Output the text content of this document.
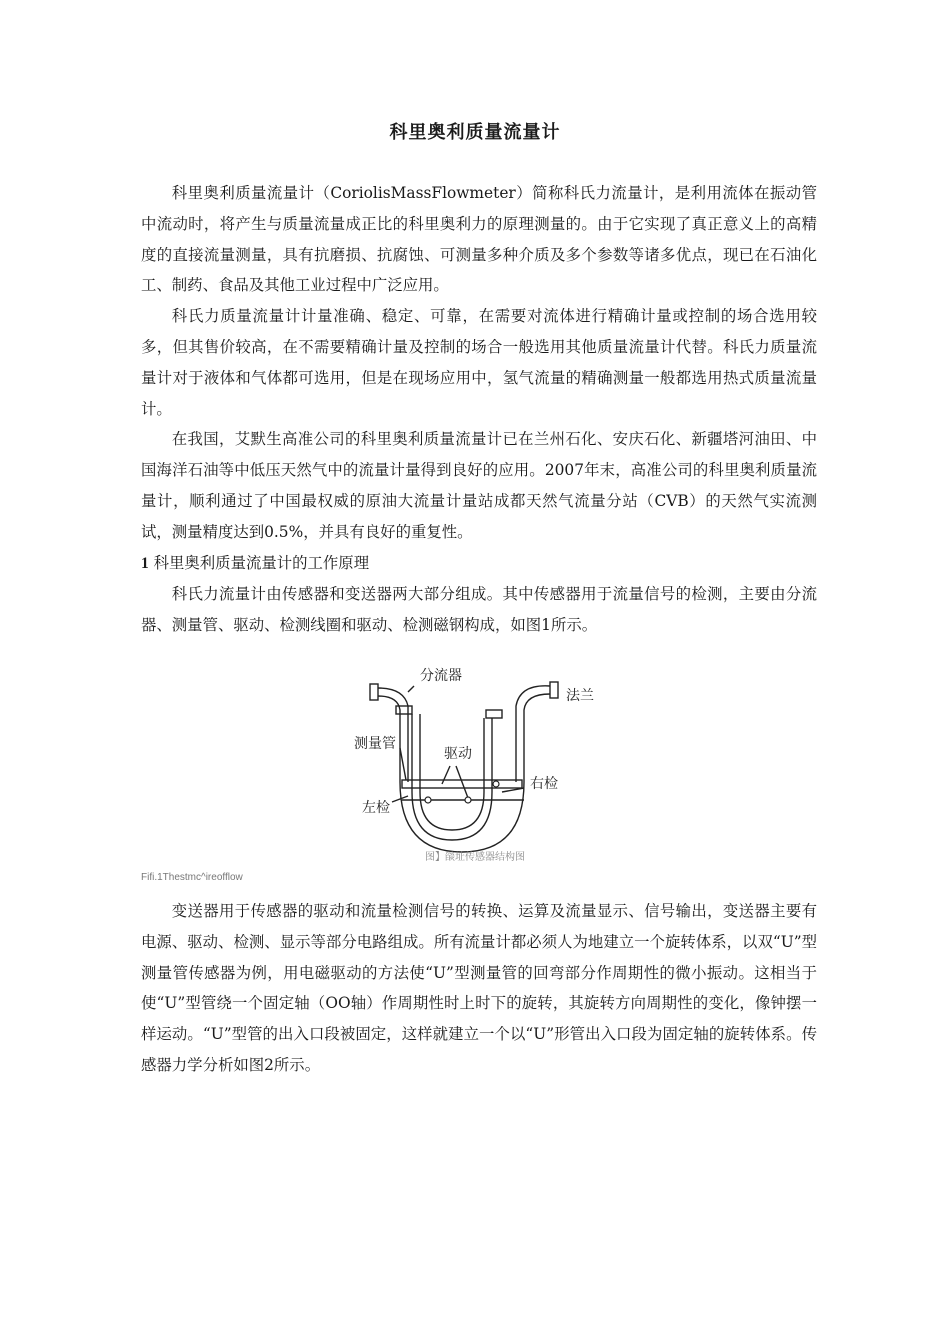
科里奥利质量流量计

科里奥利质量流量计（CoriolisMassFlowmeter）简称科氏力流量计，是利用流体在振动管中流动时，将产生与质量流量成正比的科里奥利力的原理测量的。由于它实现了真正意义上的高精度的直接流量测量，具有抗磨损、抗腐蚀、可测量多种介质及多个参数等诸多优点，现已在石油化工、制药、食品及其他工业过程中广泛应用。

科氏力质量流量计计量准确、稳定、可靠，在需要对流体进行精确计量或控制的场合选用较多，但其售价较高，在不需要精确计量及控制的场合一般选用其他质量流量计代替。科氏力质量流量计对于液体和气体都可选用，但是在现场应用中，氢气流量的精确测量一般都选用热式质量流量计。

在我国，艾默生高准公司的科里奥利质量流量计已在兰州石化、安庆石化、新疆塔河油田、中国海洋石油等中低压天然气中的流量计量得到良好的应用。2007年末，高准公司的科里奥利质量流量计，顺利通过了中国最权威的原油大流量计量站成都天然气流量分站（CVB）的天然气实流测试，测量精度达到0.5%，并具有良好的重复性。

1 科里奥利质量流量计的工作原理

科氏力流量计由传感器和变送器两大部分组成。其中传感器用于流量信号的检测，主要由分流器、测量管、驱动、检测线圈和驱动、检测磁钢构成，如图1所示。

分流器
法兰
测量管
驱动
右检
左检

图】燄址传感器结构图

Fifi.1Thestmc^ireofflow

变送器用于传感器的驱动和流量检测信号的转换、运算及流量显示、信号输出，变送器主要有电源、驱动、检测、显示等部分电路组成。所有流量计都必须人为地建立一个旋转体系，以双“U”型测量管传感器为例，用电磁驱动的方法使“U”型测量管的回弯部分作周期性的微小振动。这相当于使“U”型管绕一个固定轴（OO轴）作周期性时上时下的旋转，其旋转方向周期性的变化，像钟摆一样运动。“U”型管的出入口段被固定，这样就建立一个以“U”形管出入口段为固定轴的旋转体系。传感器力学分析如图2所示。
